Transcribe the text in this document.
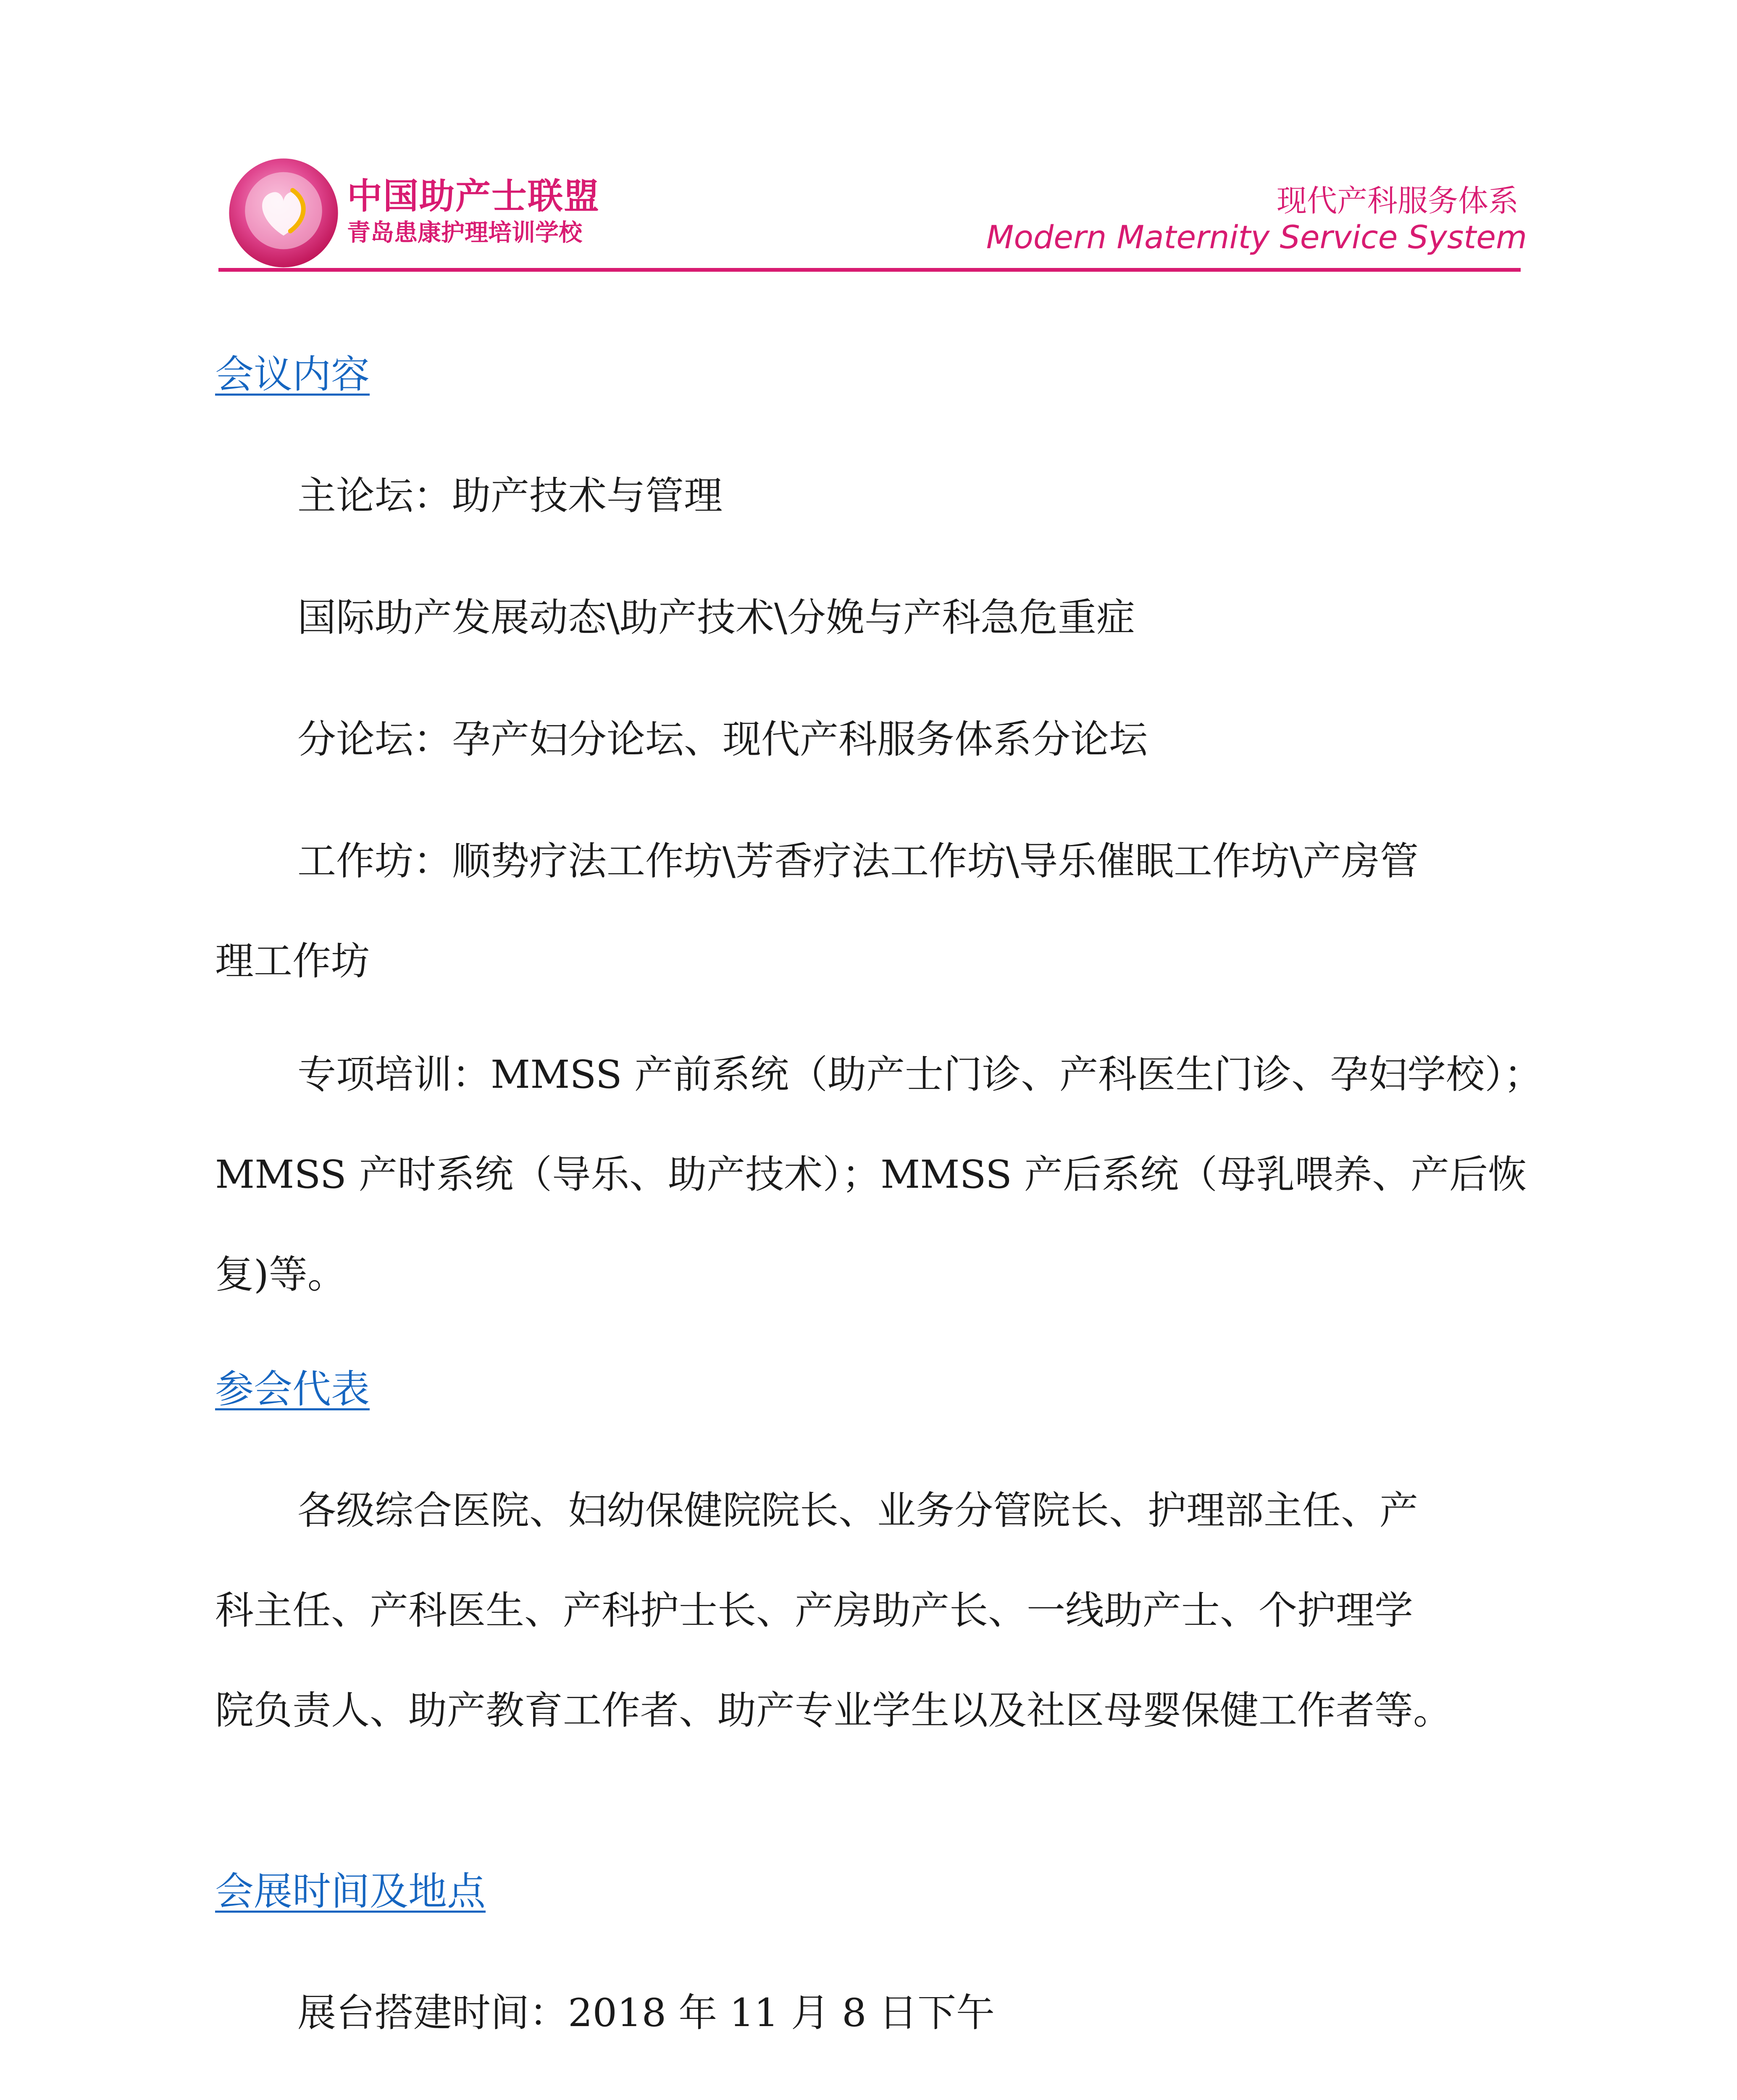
中国助产士联盟
青岛患康护理培训学校
现代产科服务体系
Modern Maternity Service System
会议内容
主论坛：助产技术与管理
国际助产发展动态\助产技术\分娩与产科急危重症
分论坛：孕产妇分论坛、现代产科服务体系分论坛
工作坊：顺势疗法工作坊\芳香疗法工作坊\导乐催眠工作坊\产房管
理工作坊
专项培训：MMSS 产前系统（助产士门诊、产科医生门诊、孕妇学校）；
MMSS 产时系统（导乐、助产技术）；MMSS 产后系统（母乳喂养、产后恢
复)等。
参会代表
各级综合医院、妇幼保健院院长、业务分管院长、护理部主任、产
科主任、产科医生、产科护士长、产房助产长、一线助产士、个护理学
院负责人、助产教育工作者、助产专业学生以及社区母婴保健工作者等。
会展时间及地点
展台搭建时间：2018 年 11 月 8 日下午
